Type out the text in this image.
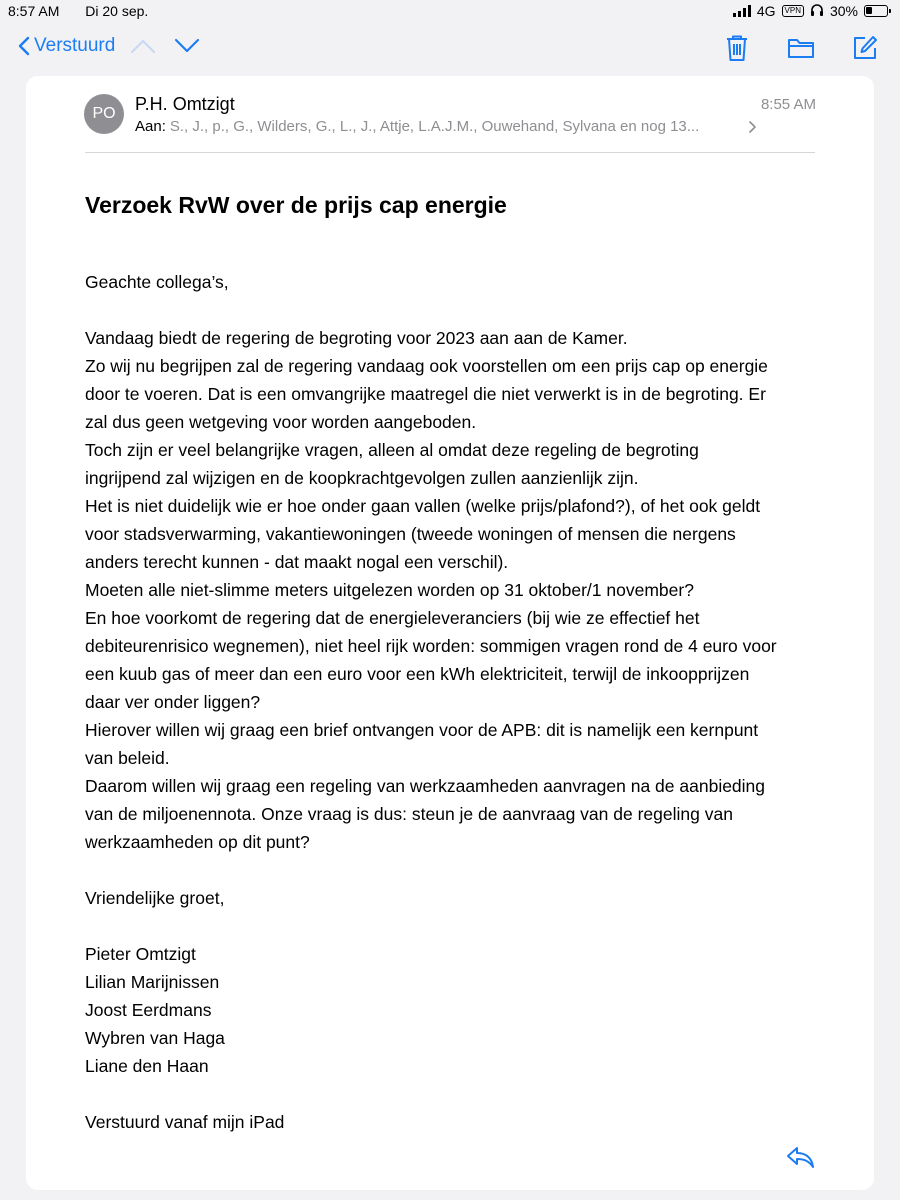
8:57 AM Di 20 sep.	4G	VPN 30%
Verstuurd
PO	P.H. Omtzigt	8:55 AM
Aan: S., J., p., G., Wilders, G., L., J., Attje, L.A.J.M., Ouwehand, Sylvana en nog 13...
Verzoek RvW over de prijs cap energie

Geachte collega’s,

Vandaag biedt de regering de begroting voor 2023 aan aan de Kamer.

Zo wij nu begrijpen zal de regering vandaag ook voorstellen om een prijs cap op energie

door te voeren. Dat is een omvangrijke maatregel die niet verwerkt is in de begroting. Er

zal dus geen wetgeving voor worden aangeboden.

Toch zijn er veel belangrijke vragen, alleen al omdat deze regeling de begroting

ingrijpend zal wijzigen en de koopkrachtgevolgen zullen aanzienlijk zijn.

Het is niet duidelijk wie er hoe onder gaan vallen (welke prijs/plafond?), of het ook geldt

voor stadsverwarming, vakantiewoningen (tweede woningen of mensen die nergens

anders terecht kunnen - dat maakt nogal een verschil).

Moeten alle niet-slimme meters uitgelezen worden op 31 oktober/1 november?

En hoe voorkomt de regering dat de energieleveranciers (bij wie ze effectief het

debiteurenrisico wegnemen), niet heel rijk worden: sommigen vragen rond de 4 euro voor

een kuub gas of meer dan een euro voor een kWh elektriciteit, terwijl de inkoopprijzen

daar ver onder liggen?

Hierover willen wij graag een brief ontvangen voor de APB: dit is namelijk een kernpunt

van beleid.

Daarom willen wij graag een regeling van werkzaamheden aanvragen na de aanbieding

van de miljoenennota. Onze vraag is dus: steun je de aanvraag van de regeling van

werkzaamheden op dit punt?

Vriendelijke groet,

Pieter Omtzigt

Lilian Marijnissen

Joost Eerdmans

Wybren van Haga

Liane den Haan

Verstuurd vanaf mijn iPad
